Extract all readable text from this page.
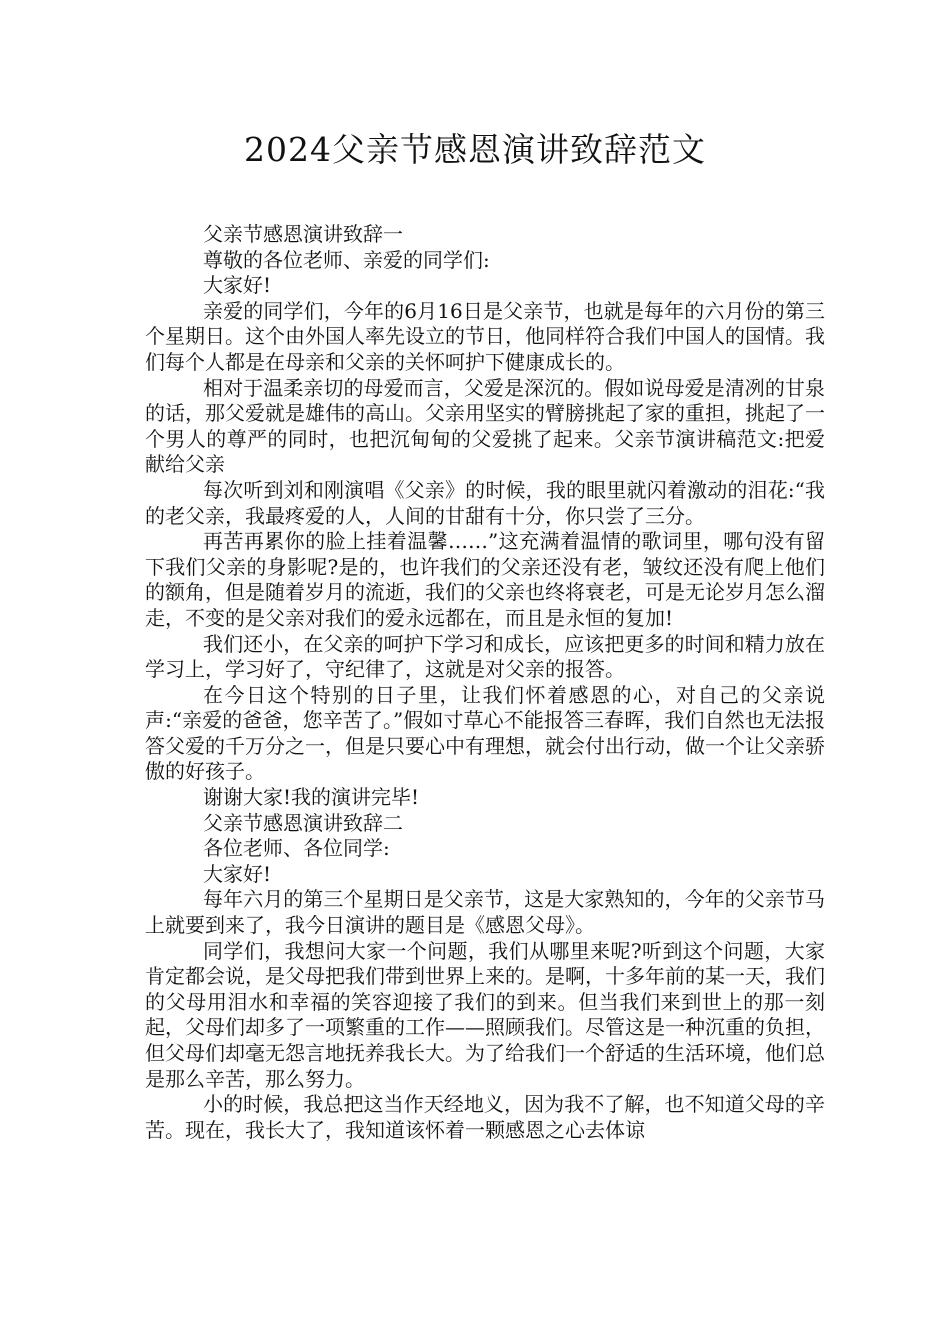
2024父亲节感恩演讲致辞范文

父亲节感恩演讲致辞一

尊敬的各位老师、亲爱的同学们:

大家好!

亲爱的同学们，今年的6月16日是父亲节，也就是每年的六月份的第三个星期日。这个由外国人率先设立的节日，他同样符合我们中国人的国情。我们每个人都是在母亲和父亲的关怀呵护下健康成长的。

相对于温柔亲切的母爱而言，父爱是深沉的。假如说母爱是清冽的甘泉的话，那父爱就是雄伟的高山。父亲用坚实的臂膀挑起了家的重担，挑起了一个男人的尊严的同时，也把沉甸甸的父爱挑了起来。父亲节演讲稿范文:把爱献给父亲

每次听到刘和刚演唱《父亲》的时候，我的眼里就闪着激动的泪花:“我的老父亲，我最疼爱的人，人间的甘甜有十分，你只尝了三分。

再苦再累你的脸上挂着温馨……”这充满着温情的歌词里，哪句没有留下我们父亲的身影呢?是的，也许我们的父亲还没有老，皱纹还没有爬上他们的额角，但是随着岁月的流逝，我们的父亲也终将衰老，可是无论岁月怎么溜走，不变的是父亲对我们的爱永远都在，而且是永恒的复加!

我们还小，在父亲的呵护下学习和成长，应该把更多的时间和精力放在学习上，学习好了，守纪律了，这就是对父亲的报答。

在今日这个特别的日子里，让我们怀着感恩的心，对自己的父亲说声:“亲爱的爸爸，您辛苦了。”假如寸草心不能报答三春晖，我们自然也无法报答父爱的千万分之一，但是只要心中有理想，就会付出行动，做一个让父亲骄傲的好孩子。

谢谢大家!我的演讲完毕!

父亲节感恩演讲致辞二

各位老师、各位同学:

大家好!

每年六月的第三个星期日是父亲节，这是大家熟知的，今年的父亲节马上就要到来了，我今日演讲的题目是《感恩父母》。

同学们，我想问大家一个问题，我们从哪里来呢?听到这个问题，大家肯定都会说，是父母把我们带到世界上来的。是啊，十多年前的某一天，我们的父母用泪水和幸福的笑容迎接了我们的到来。但当我们来到世上的那一刻起，父母们却多了一项繁重的工作——照顾我们。尽管这是一种沉重的负担，但父母们却毫无怨言地抚养我长大。为了给我们一个舒适的生活环境，他们总是那么辛苦，那么努力。

小的时候，我总把这当作天经地义，因为我不了解，也不知道父母的辛苦。现在，我长大了，我知道该怀着一颗感恩之心去体谅
